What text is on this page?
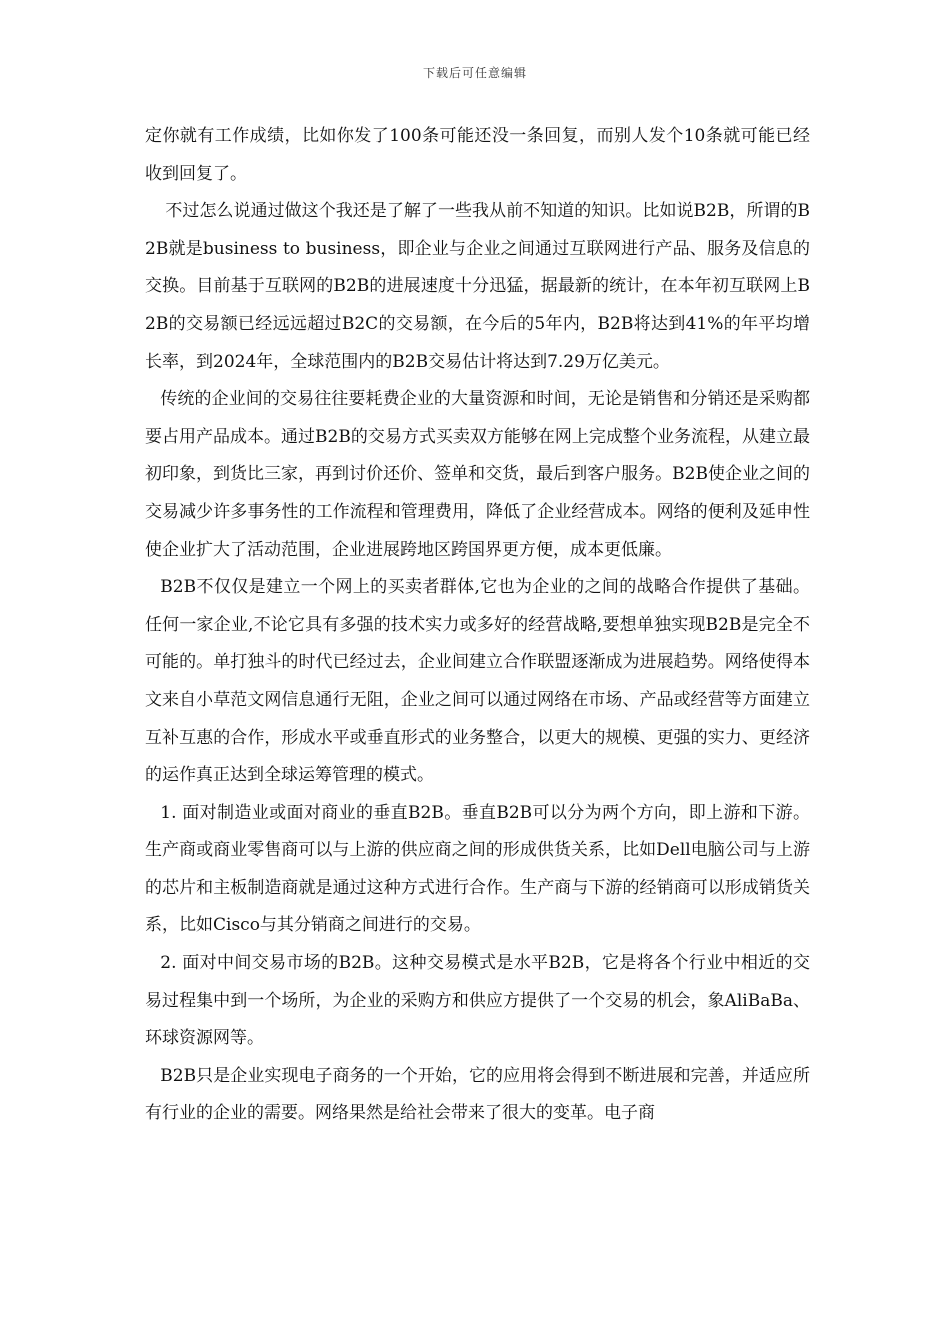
下载后可任意编辑

定你就有工作成绩，比如你发了100条可能还没一条回复，而别人发个10条就可能已经收到回复了。

不过怎么说通过做这个我还是了解了一些我从前不知道的知识。比如说B2B，所谓的B2B就是business to business，即企业与企业之间通过互联网进行产品、服务及信息的交换。目前基于互联网的B2B的进展速度十分迅猛，据最新的统计，在本年初互联网上B2B的交易额已经远远超过B2C的交易额，在今后的5年内，B2B将达到41%的年平均增长率，到2024年，全球范围内的B2B交易估计将达到7.29万亿美元。

传统的企业间的交易往往要耗费企业的大量资源和时间，无论是销售和分销还是采购都要占用产品成本。通过B2B的交易方式买卖双方能够在网上完成整个业务流程，从建立最初印象，到货比三家，再到讨价还价、签单和交货，最后到客户服务。B2B使企业之间的交易减少许多事务性的工作流程和管理费用，降低了企业经营成本。网络的便利及延申性使企业扩大了活动范围，企业进展跨地区跨国界更方便，成本更低廉。

B2B不仅仅是建立一个网上的买卖者群体,它也为企业的之间的战略合作提供了基础。任何一家企业,不论它具有多强的技术实力或多好的经营战略,要想单独实现B2B是完全不可能的。单打独斗的时代已经过去，企业间建立合作联盟逐渐成为进展趋势。网络使得本文来自小草范文网信息通行无阻，企业之间可以通过网络在市场、产品或经营等方面建立互补互惠的合作，形成水平或垂直形式的业务整合，以更大的规模、更强的实力、更经济的运作真正达到全球运筹管理的模式。

1. 面对制造业或面对商业的垂直B2B。垂直B2B可以分为两个方向，即上游和下游。生产商或商业零售商可以与上游的供应商之间的形成供货关系，比如Dell电脑公司与上游的芯片和主板制造商就是通过这种方式进行合作。生产商与下游的经销商可以形成销货关系，比如Cisco与其分销商之间进行的交易。

2. 面对中间交易市场的B2B。这种交易模式是水平B2B，它是将各个行业中相近的交易过程集中到一个场所，为企业的采购方和供应方提供了一个交易的机会，象AliBaBa、环球资源网等。

B2B只是企业实现电子商务的一个开始，它的应用将会得到不断进展和完善，并适应所有行业的企业的需要。网络果然是给社会带来了很大的变革。电子商
